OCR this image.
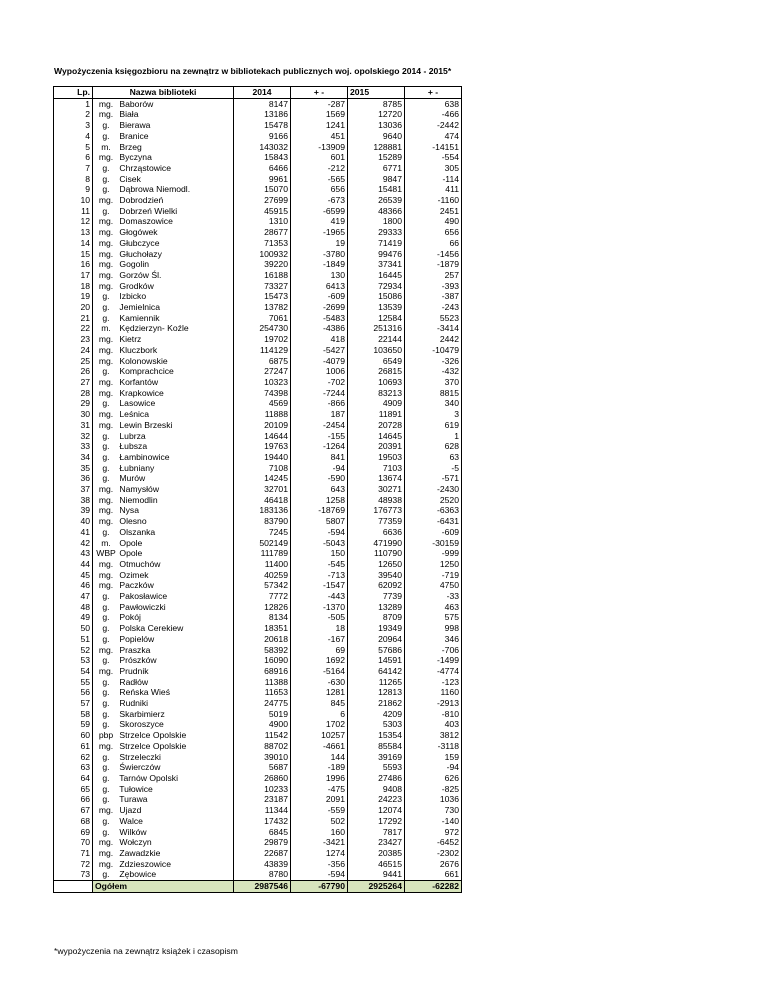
Wypożyczenia księgozbioru na zewnątrz w bibliotekach publicznych woj. opolskiego 2014 - 2015*
Lp.	Nazwa biblioteki	2014	+ -	2015	+ -
1	mg. Baborów	8147	-287	8785	638
2	mg. Biała	13186	1569	12720	-466
3	g. Bierawa	15478	1241	13036	-2442
4	g. Branice	9166	451	9640	474
5	m. Brzeg	143032	-13909	128881	-14151
6	mg. Byczyna	15843	601	15289	-554
7	g. Chrząstowice	6466	-212	6771	305
8	g. Cisek	9961	-565	9847	-114
9	g. Dąbrowa Niemodl.	15070	656	15481	411
10	mg. Dobrodzień	27699	-673	26539	-1160
11	g. Dobrzeń Wielki	45915	-6599	48366	2451
12	mg. Domaszowice	1310	419	1800	490
13	mg. Głogówek	28677	-1965	29333	656
14	mg. Głubczyce	71353	19	71419	66
15	mg. Głuchołazy	100932	-3780	99476	-1456
16	mg. Gogolin	39220	-1849	37341	-1879
17	mg. Gorzów Śl.	16188	130	16445	257
18	mg. Grodków	73327	6413	72934	-393
19	g. Izbicko	15473	-609	15086	-387
20	g. Jemielnica	13782	-2699	13539	-243
21	g. Kamiennik	7061	-5483	12584	5523
22	m. Kędzierzyn- Koźle	254730	-4386	251316	-3414
23	mg. Kietrz	19702	418	22144	2442
24	mg. Kluczbork	114129	-5427	103650	-10479
25	mg. Kolonowskie	6875	-4079	6549	-326
26	g. Komprachcice	27247	1006	26815	-432
27	mg. Korfantów	10323	-702	10693	370
28	mg. Krapkowice	74398	-7244	83213	8815
29	g. Lasowice	4569	-866	4909	340
30	mg. Leśnica	11888	187	11891	3
31	mg. Lewin Brzeski	20109	-2454	20728	619
32	g. Lubrza	14644	-155	14645	1
33	g. Łubsza	19763	-1264	20391	628
34	g. Łambinowice	19440	841	19503	63
35	g. Łubniany	7108	-94	7103	-5
36	g. Murów	14245	-590	13674	-571
37	mg. Namysłów	32701	643	30271	-2430
38	mg. Niemodlin	46418	1258	48938	2520
39	mg. Nysa	183136	-18769	176773	-6363
40	mg. Olesno	83790	5807	77359	-6431
41	g. Olszanka	7245	-594	6636	-609
42	m. Opole	502149	-5043	471990	-30159
43	WBP Opole	111789	150	110790	-999
44	mg. Otmuchów	11400	-545	12650	1250
45	mg. Ozimek	40259	-713	39540	-719
46	mg. Paczków	57342	-1547	62092	4750
47	g. Pakosławice	7772	-443	7739	-33
48	g. Pawłowiczki	12826	-1370	13289	463
49	g. Pokój	8134	-505	8709	575
50	g. Polska Cerekiew	18351	18	19349	998
51	g. Popielów	20618	-167	20964	346
52	mg. Praszka	58392	69	57686	-706
53	g. Prószków	16090	1692	14591	-1499
54	mg. Prudnik	68916	-5164	64142	-4774
55	g. Radłów	11388	-630	11265	-123
56	g. Reńska Wieś	11653	1281	12813	1160
57	g. Rudniki	24775	845	21862	-2913
58	g. Skarbimierz	5019	6	4209	-810
59	g. Skoroszyce	4900	1702	5303	403
60	pbp Strzelce Opolskie	11542	10257	15354	3812
61	mg. Strzelce Opolskie	88702	-4661	85584	-3118
62	g. Strzeleczki	39010	144	39169	159
63	g. Świerczów	5687	-189	5593	-94
64	g. Tarnów Opolski	26860	1996	27486	626
65	g. Tułowice	10233	-475	9408	-825
66	g. Turawa	23187	2091	24223	1036
67	mg. Ujazd	11344	-559	12074	730
68	g. Walce	17432	502	17292	-140
69	g. Wilków	6845	160	7817	972
70	mg. Wołczyn	29879	-3421	23427	-6452
71	mg. Zawadzkie	22687	1274	20385	-2302
72	mg. Zdzieszowice	43839	-356	46515	2676
73	g. Zębowice	8780	-594	9441	661
	Ogółem	2987546	-67790	2925264	-62282
*wypożyczenia na zewnątrz książek i czasopism
